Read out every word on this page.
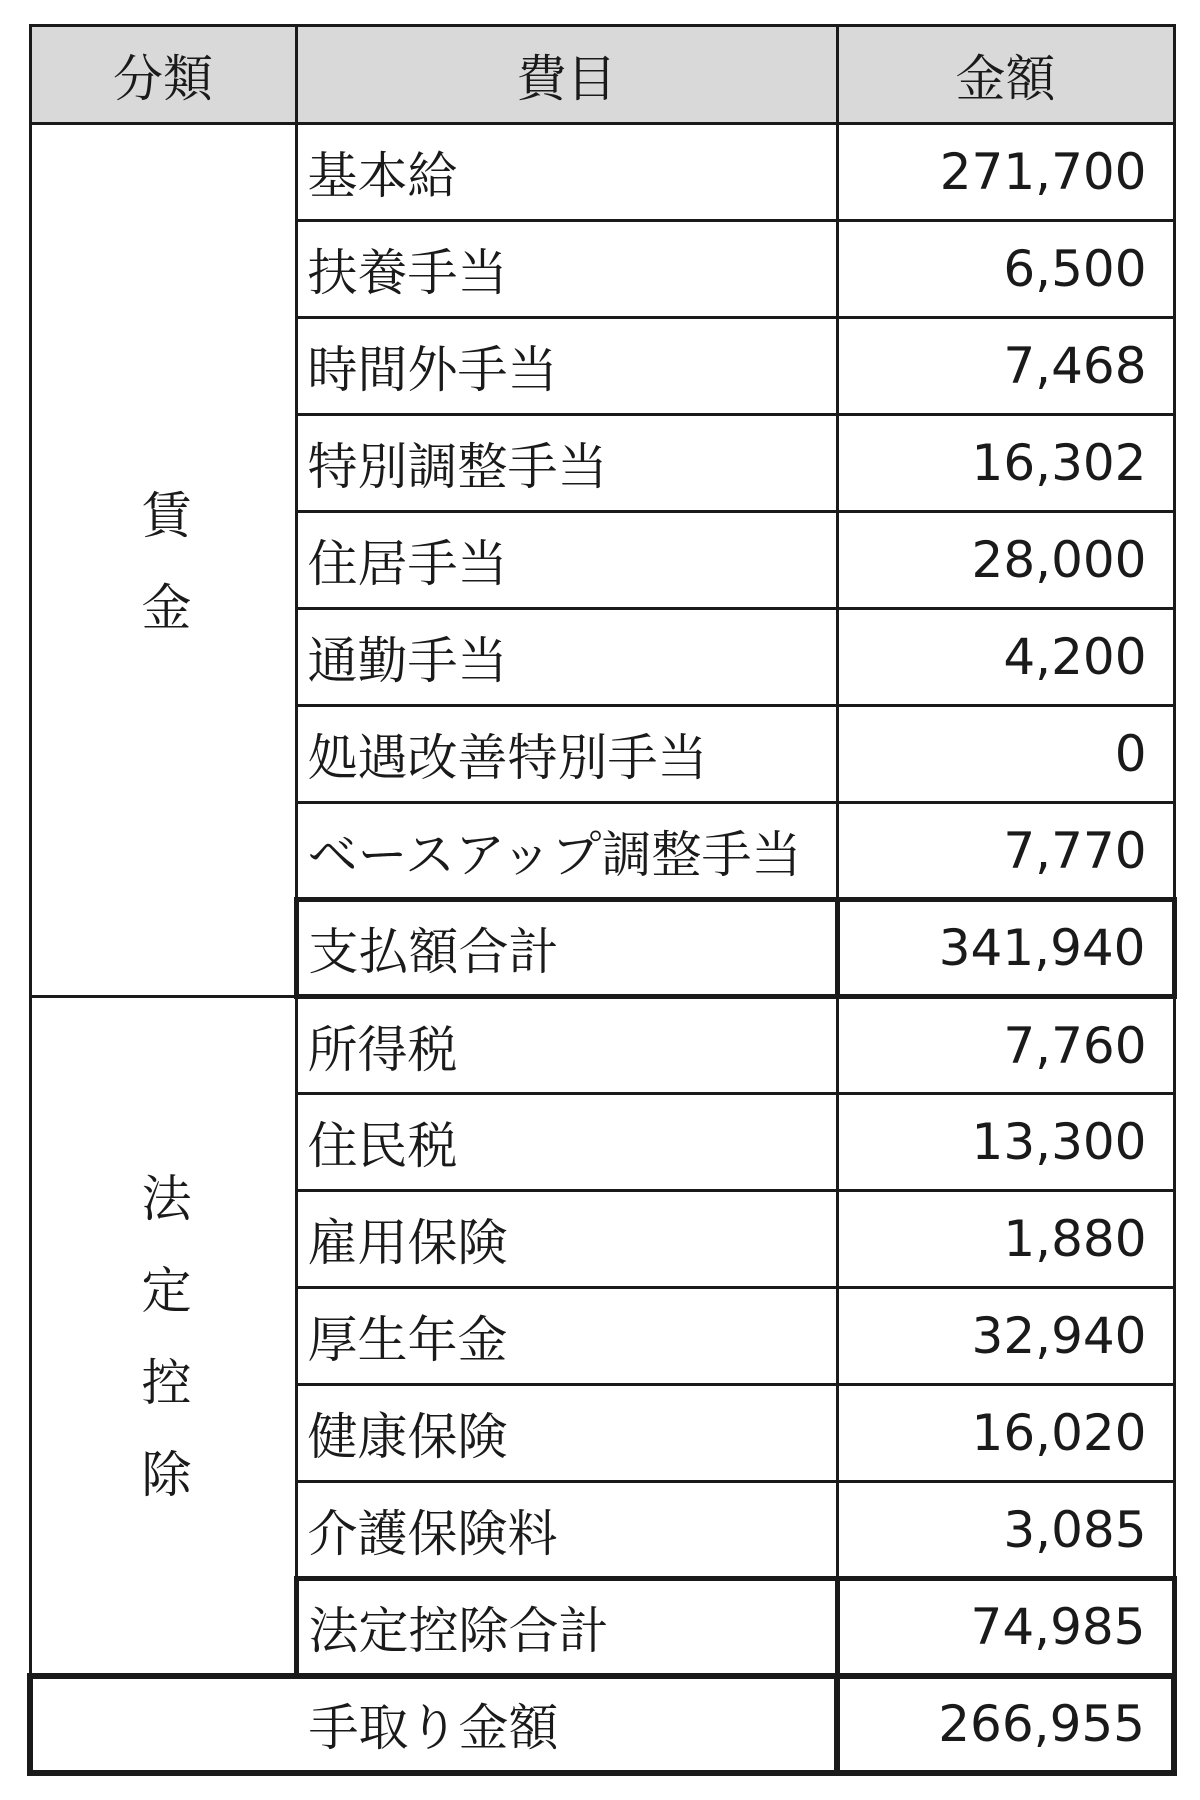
分類	費目	金額
賃金	基本給	271,700
	扶養手当	6,500
	時間外手当	7,468
	特別調整手当	16,302
	住居手当	28,000
	通勤手当	4,200
	処遇改善特別手当	0
	ベースアップ調整手当	7,770
	支払額合計	341,940
法定控除	所得税	7,760
	住民税	13,300
	雇用保険	1,880
	厚生年金	32,940
	健康保険	16,020
	介護保険料	3,085
	法定控除合計	74,985
手取り金額		266,955
